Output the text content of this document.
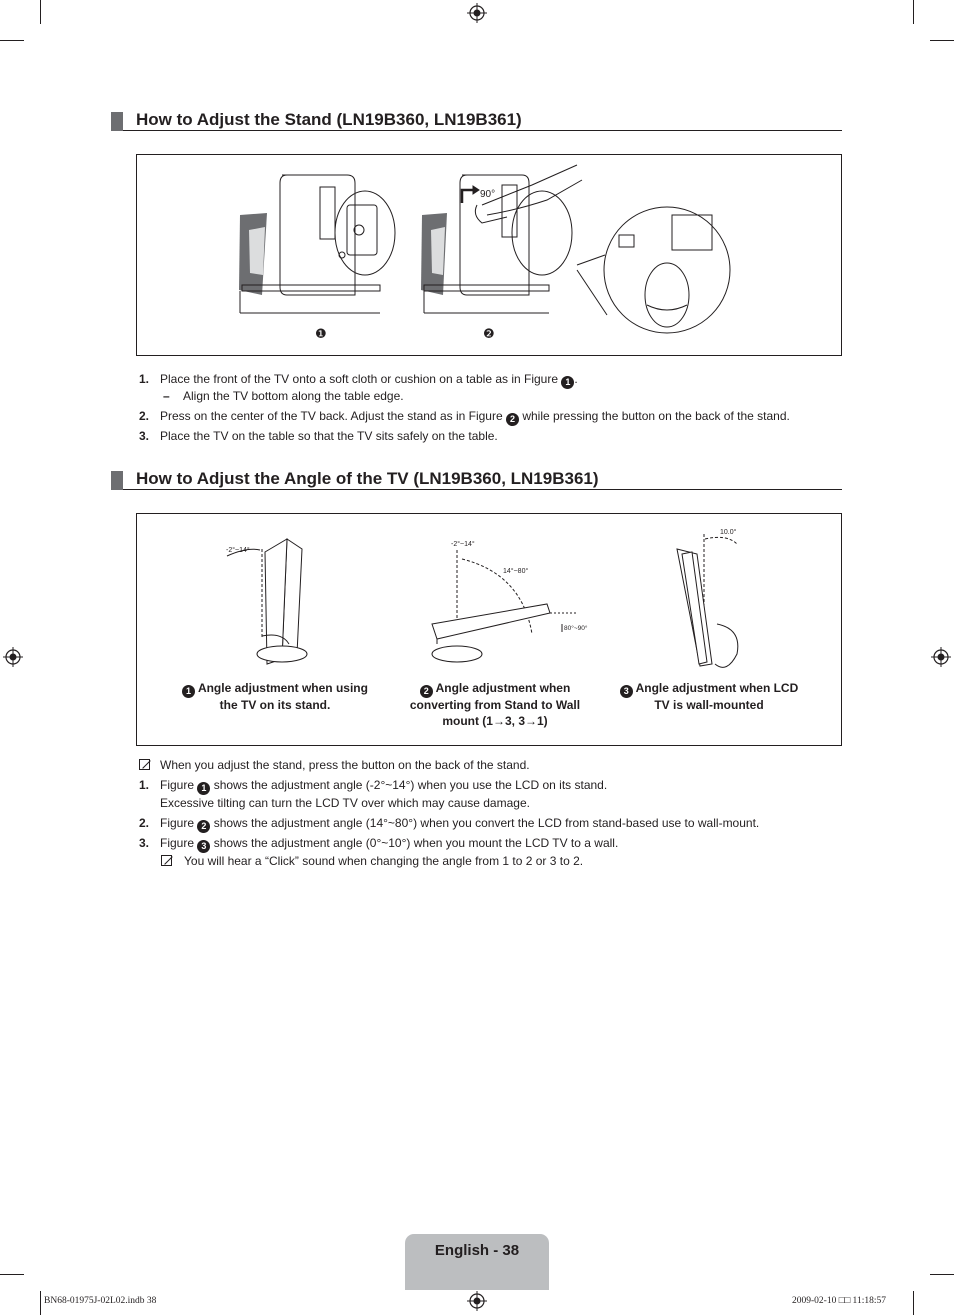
How to Adjust the Stand (LN19B360, LN19B361)
❶	❷
90°
1. Place the front of the TV onto a soft cloth or cushion on a table as in Figure 1 .
– Align the TV bottom along the table edge.
2. Press on the center of the TV back. Adjust the stand as in Figure 2 while pressing the button on the back of the stand.
3. Place the TV on the table so that the TV sits safely on the table.
How to Adjust the Angle of the TV (LN19B360, LN19B361)
-2°~14°
-2°~14°
14°~80°
80°~90°
10.0°
1 Angle adjustment when using
the TV on its stand.
2 Angle adjustment when
converting from Stand to Wall
mount (1→3, 3→1)
3 Angle adjustment when LCD
TV is wall-mounted
When you adjust the stand, press the button on the back of the stand.
1. Figure 1 shows the adjustment angle (-2°~14°) when you use the LCD on its stand.
Excessive tilting can turn the LCD TV over which may cause damage.
2. Figure 2 shows the adjustment angle (14°~80°) when you convert the LCD from stand-based use to wall-mount.
3. Figure 3 shows the adjustment angle (0°~10°) when you mount the LCD TV to a wall.
You will hear a “Click” sound when changing the angle from 1 to 2 or 3 to 2.
English - 38
BN68-01975J-02L02.indb 38	2009-02-10 □□ 11:18:57
